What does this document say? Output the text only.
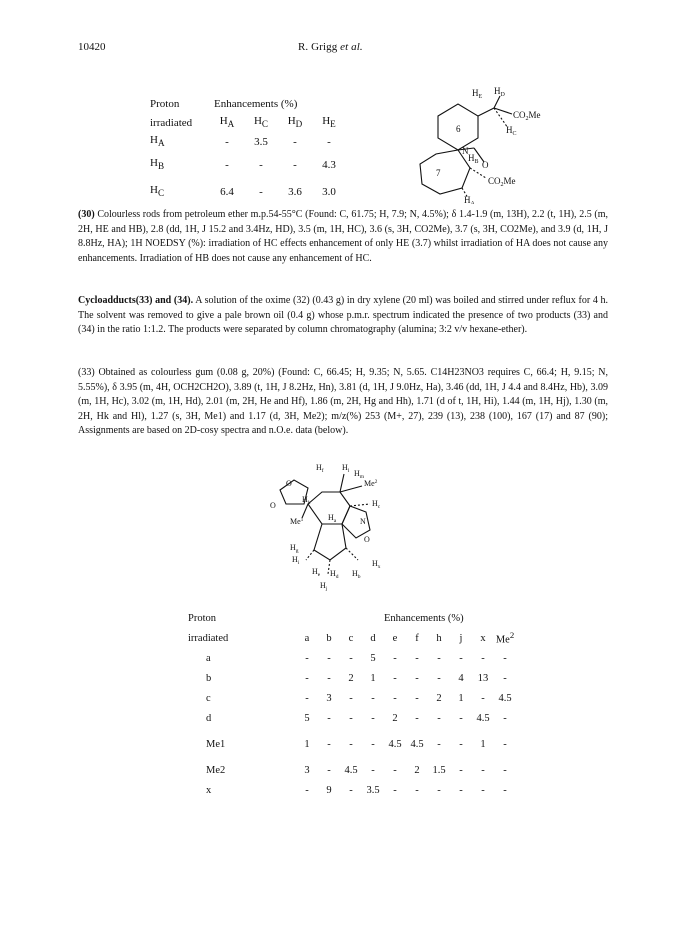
10420	R. Grigg et al.
Proton	Enhancements (%)			
irradiated	$H_A$	$H_C$	$H_D$	$H_E$
$H_A$	-	3.5	-	-
$H_B$	-	-	-	4.3
$H_C$	6.4	-	3.6	3.0
$H_E$
$H_D$
$CO_2Me$
$H_C$
6
N
$H_B$ O
7
$CO_2Me$
$H_A$
(30) Colourless rods from petroleum ether m.p.54-55°C (Found: C, 61.75; H, 7.9; N, 4.5%); δ 1.4-1.9 (m, 13H), 2.2 (t, 1H), 2.5 (m, 2H, HE and HB), 2.8 (dd, 1H, J 15.2 and 3.4Hz, HD), 3.5 (m, 1H, HC), 3.6 (s, 3H, CO2Me), 3.7 (s, 3H, CO2Me), and 3.9 (d, 1H, J 8.8Hz, HA); 1H NOEDSY (%): irradiation of HC effects enhancement of only HE (3.7) whilst irradiation of HA does not cause any enhancements. Irradiation of HB does not cause any enhancement of HC.
Cycloadducts(33) and (34). A solution of the oxime (32) (0.43 g) in dry xylene (20 ml) was boiled and stirred under reflux for 4 h. The solvent was removed to give a pale brown oil (0.4 g) whose p.m.r. spectrum indicated the presence of two products (33) and (34) in the ratio 1:1.2. The products were separated by column chromatography (alumina; 3:2 v/v hexane-ether).
(33) Obtained as colourless gum (0.08 g, 20%) (Found: C, 66.45; H, 9.35; N, 5.65. C14H23NO3 requires C, 66.4; H, 9.15; N, 5.55%), δ 3.95 (m, 4H, OCH2CH2O), 3.89 (t, 1H, J 8.2Hz, Hn), 3.81 (d, 1H, J 9.0Hz, Ha), 3.46 (dd, 1H, J 4.4 and 8.4Hz, Hb), 3.09 (m, 1H, Hc), 3.02 (m, 1H, Hd), 2.01 (m, 2H, He and Hf), 1.86 (m, 2H, Hg and Hh), 1.71 (d of t, 1H, Hi), 1.44 (m, 1H, Hj), 1.30 (m, 2H, Hk and Hl), 1.27 (s, 3H, Me1) and 1.17 (d, 3H, Me2); m/z(%) 253 (M+, 27), 239 (13), 238 (100), 167 (17) and 87 (90); Assignments are based on 2D-cosy spectra and n.O.e. data (below).
$H_f$ $H_l$ $H_m$
Me$^2$
$H_c$
O
O
$H_k$
Me$^1$	$H_a$	N
O
$H_g$
$H_i$
$H_e$ $H_d$ $H_b$
$H_j$
$H_x$
Proton					Enhancements (%)					
irradiated	a	b	c	d	e	f	h	j	x	Me$^2$
a	-	-	-	5	-	-	-	-	-	-
b	-	-	2	1	-	-	-	4	13	-
c	-	3	-	-	-	-	2	1	-	4.5
d	5	-	-	-	2	-	-	-	4.5	-
Me1	1	-	-	-	4.5	4.5	-	-	1	-
Me2	3	-	4.5	-	-	2	1.5	-	-	-
x	-	9	-	3.5	-	-	-	-	-	-
